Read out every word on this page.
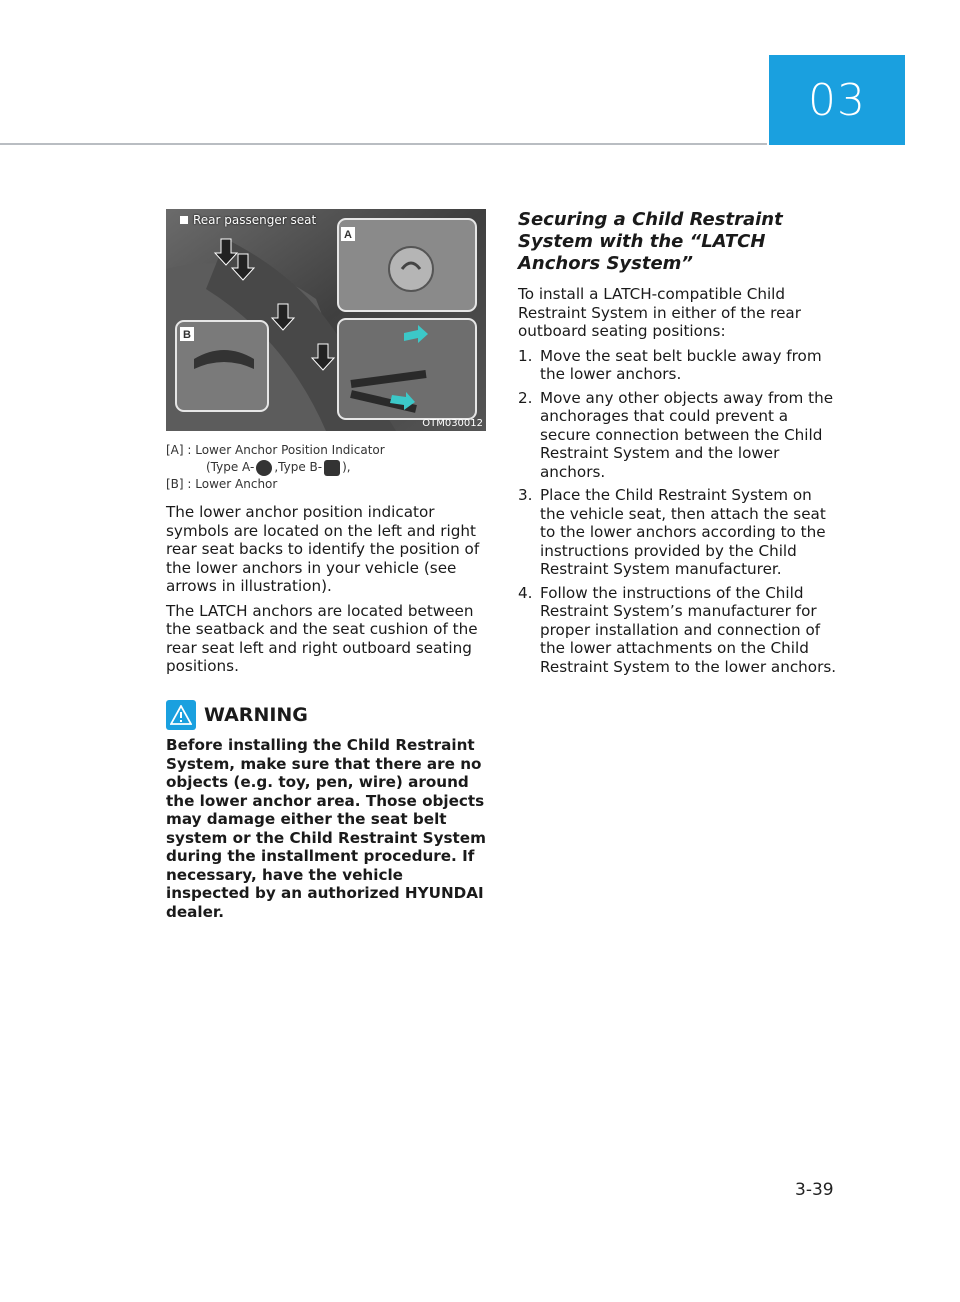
03
A
B
Rear passenger seat
OTM030012
[A] : Lower Anchor Position Indicator
(Type A- ,Type B- ),
[B] : Lower Anchor

The lower anchor position indicator symbols are located on the left and right rear seat backs to identify the position of the lower anchors in your vehicle (see arrows in illustration).

The LATCH anchors are located between the seatback and the seat cushion of the rear seat left and right outboard seating positions.

WARNING
Before installing the Child Restraint System, make sure that there are no objects (e.g. toy, pen, wire) around the lower anchor area. Those objects may damage either the seat belt system or the Child Restraint System during the installment procedure. If necessary, have the vehicle inspected by an authorized HYUNDAI dealer.
Securing a Child Restraint System with the “LATCH Anchors System”

To install a LATCH-compatible Child Restraint System in either of the rear outboard seating positions:

1. Move the seat belt buckle away from the lower anchors.
2. Move any other objects away from the anchorages that could prevent a secure connection between the Child Restraint System and the lower anchors.
3. Place the Child Restraint System on the vehicle seat, then attach the seat to the lower anchors according to the instructions provided by the Child Restraint System manufacturer.
4. Follow the instructions of the Child Restraint System’s manufacturer for proper installation and connection of the lower attachments on the Child Restraint System to the lower anchors.
3-39
